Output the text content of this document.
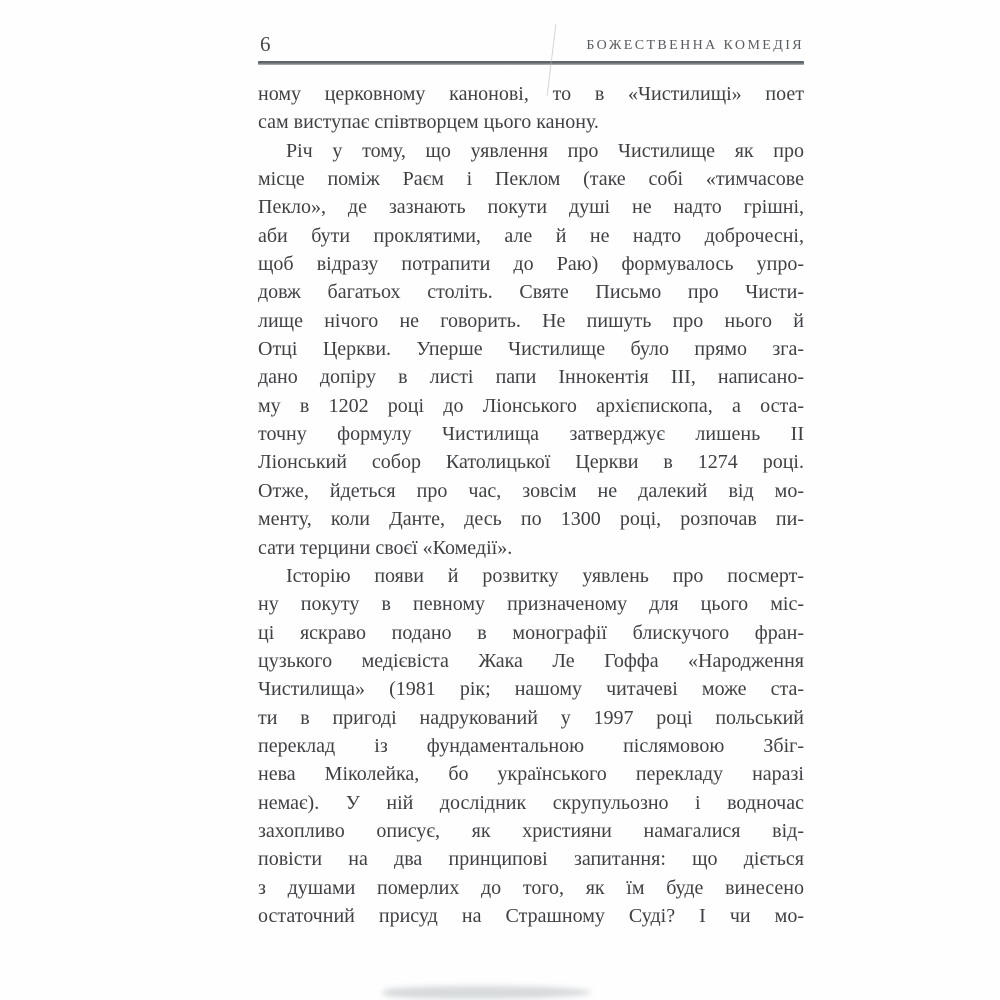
6	БОЖЕСТВЕННА КОМЕДІЯ
ному церковному канонові, то в «Чистилищі» поет
сам виступає співтворцем цього канону.
Річ у тому, що уявлення про Чистилище як про
місце поміж Раєм і Пеклом (таке собі «тимчасове
Пекло», де зазнають покути душі не надто грішні,
аби бути проклятими, але й не надто доброчесні,
щоб відразу потрапити до Раю) формувалось упро-
довж багатьох століть. Святе Письмо про Чисти-
лище нічого не говорить. Не пишуть про нього й
Отці Церкви. Уперше Чистилище було прямо зга-
дано допіру в листі папи Іннокентія III, написано-
му в 1202 році до Ліонського архієпископа, а оста-
точну формулу Чистилища затверджує лишень II
Ліонський собор Католицької Церкви в 1274 році.
Отже, йдеться про час, зовсім не далекий від мо-
менту, коли Данте, десь по 1300 році, розпочав пи-
сати терцини своєї «Комедії».
Історію появи й розвитку уявлень про посмерт-
ну покуту в певному призначеному для цього міс-
ці яскраво подано в монографії блискучого фран-
цузького медієвіста Жака Ле Гоффа «Народження
Чистилища» (1981 рік; нашому читачеві може ста-
ти в пригоді надрукований у 1997 році польський
переклад із фундаментальною післямовою Збіг-
нева Міколейка, бо українського перекладу наразі
немає). У ній дослідник скрупульозно і водночас
захопливо описує, як християни намагалися від-
повісти на два принципові запитання: що діється
з душами померлих до того, як їм буде винесено
остаточний присуд на Страшному Суді? І чи мо-
